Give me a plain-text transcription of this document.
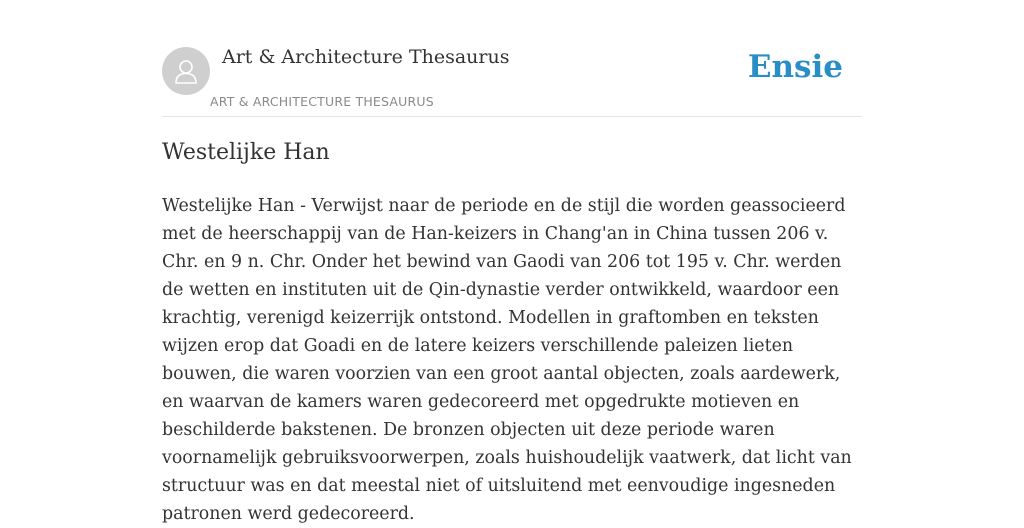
Art & Architecture Thesaurus
ART & ARCHITECTURE THESAURUS
Ensie
Westelijke Han

Westelijke Han - Verwijst naar de periode en de stijl die worden geassocieerd met de heerschappij van de Han-keizers in Chang'an in China tussen 206 v. Chr. en 9 n. Chr. Onder het bewind van Gaodi van 206 tot 195 v. Chr. werden de wetten en instituten uit de Qin-dynastie verder ontwikkeld, waardoor een krachtig, verenigd keizerrijk ontstond. Modellen in graftomben en teksten wijzen erop dat Goadi en de latere keizers verschillende paleizen lieten bouwen, die waren voorzien van een groot aantal objecten, zoals aardewerk, en waarvan de kamers waren gedecoreerd met opgedrukte motieven en beschilderde bakstenen. De bronzen objecten uit deze periode waren voornamelijk gebruiksvoorwerpen, zoals huishoudelijk vaatwerk, dat licht van structuur was en dat meestal niet of uitsluitend met eenvoudige ingesneden patronen werd gedecoreerd.
